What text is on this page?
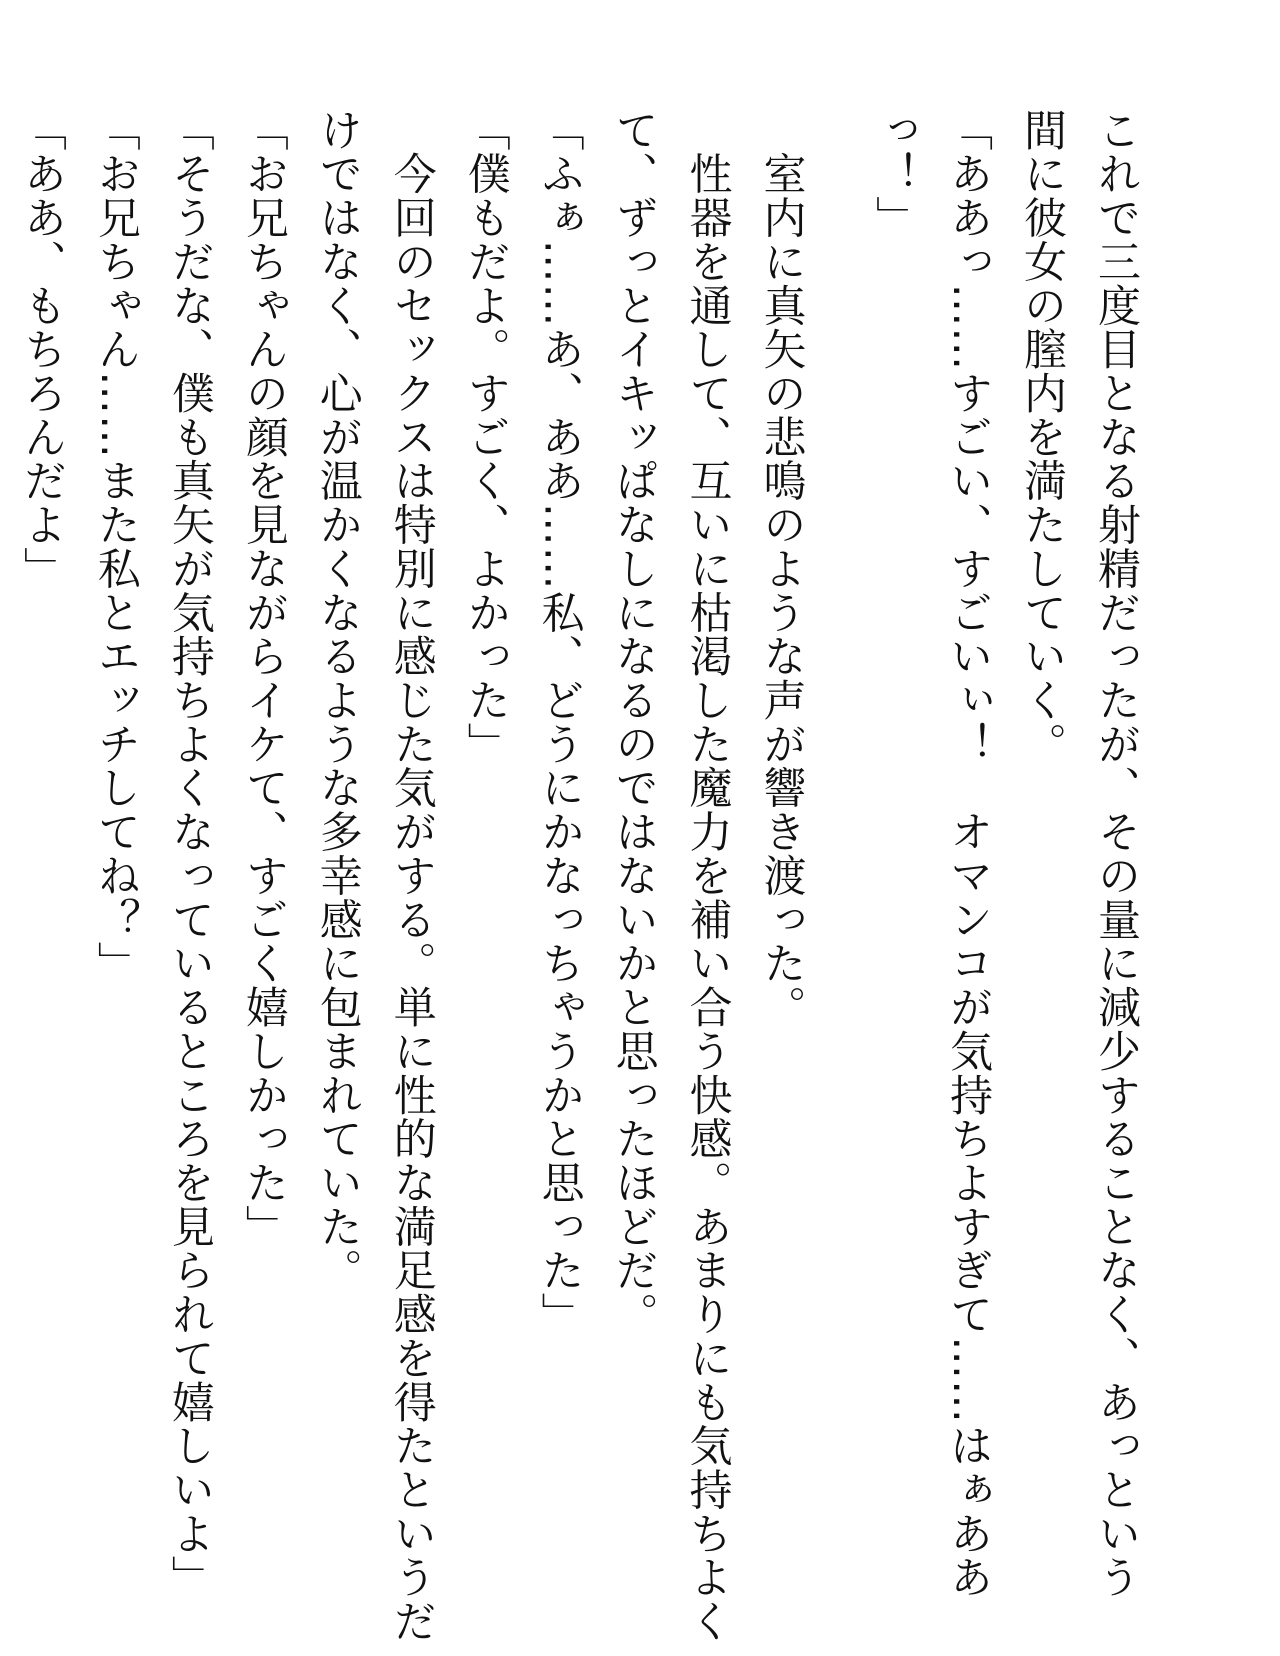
これで三度目となる射精だったが、その量に減少することなく、あっという
間に彼女の膣内を満たしていく。
「ああっ……すごい、すごいぃ！　オマンコが気持ちよすぎて……はぁああ
っ！」
　室内に真矢の悲鳴のような声が響き渡った。
　性器を通して、互いに枯渇した魔力を補い合う快感。あまりにも気持ちよく
て、ずっとイキッぱなしになるのではないかと思ったほどだ。
「ふぁ……あ、ああ……私、どうにかなっちゃうかと思った」
「僕もだよ。すごく、よかった」
　今回のセックスは特別に感じた気がする。単に性的な満足感を得たというだ
けではなく、心が温かくなるような多幸感に包まれていた。
「お兄ちゃんの顔を見ながらイケて、すごく嬉しかった」
「そうだな、僕も真矢が気持ちよくなっているところを見られて嬉しいよ」
「お兄ちゃん……また私とエッチしてね？」
「ああ、もちろんだよ」
